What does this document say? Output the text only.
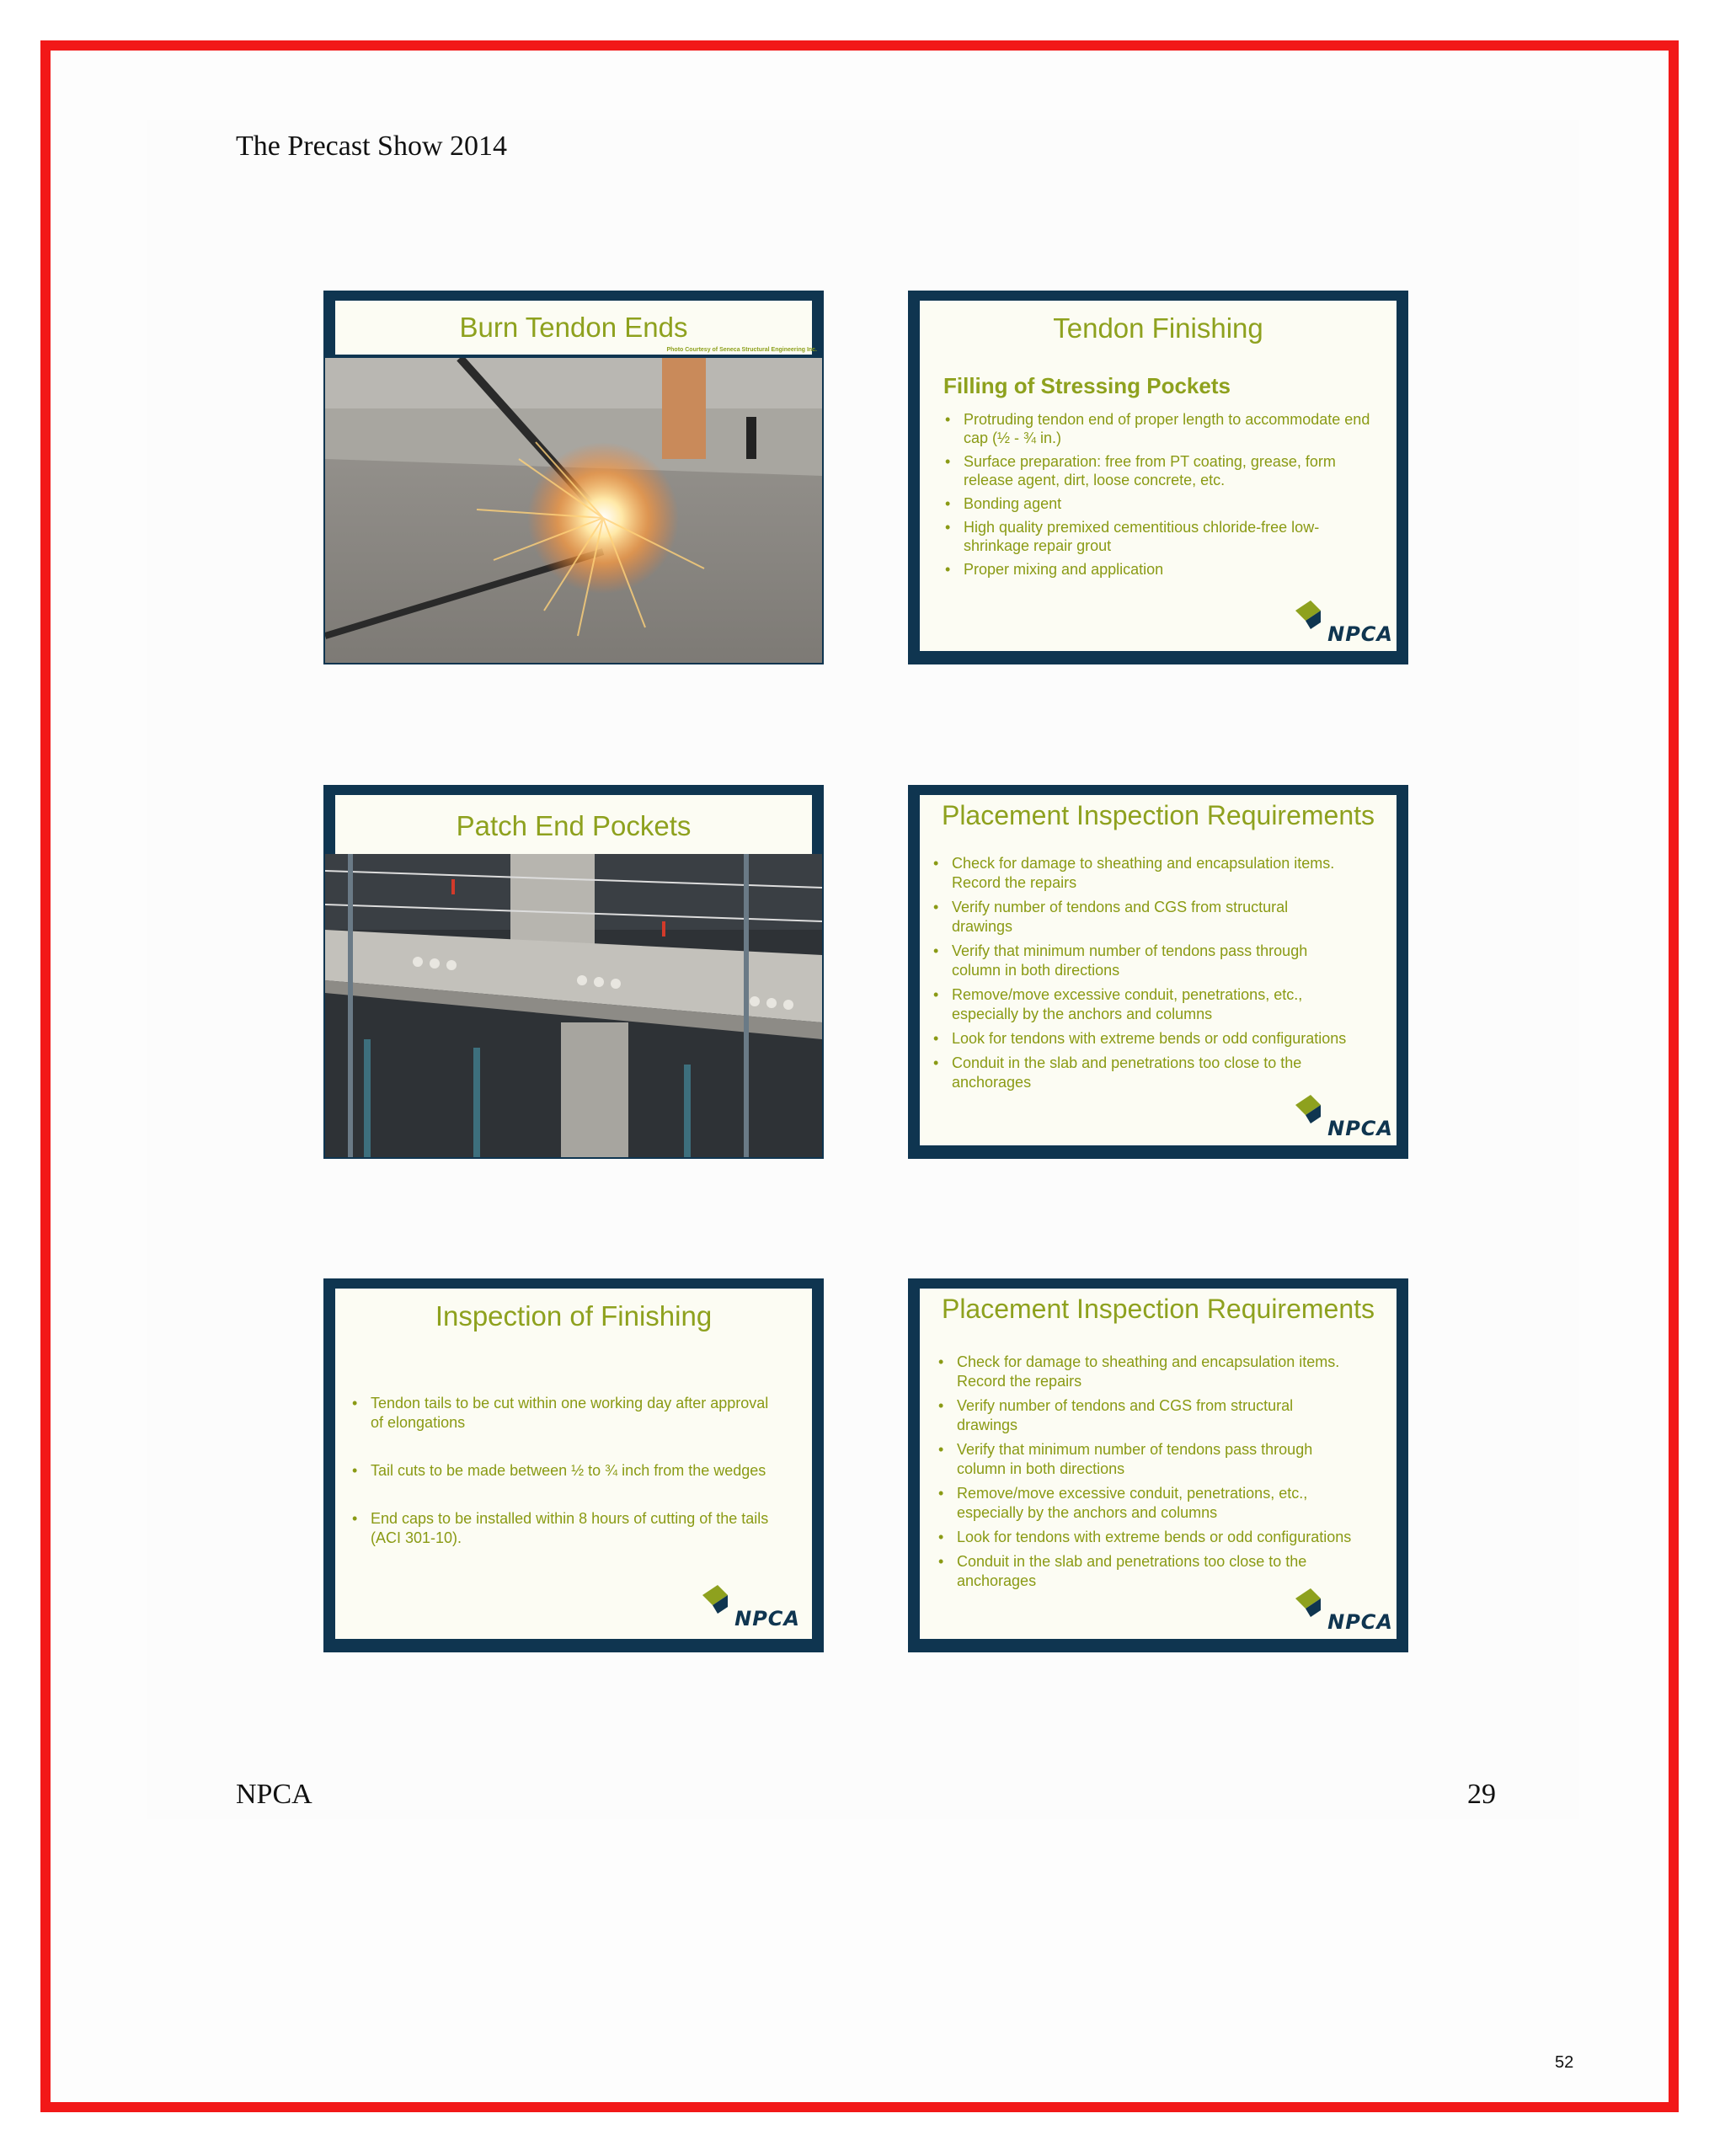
The Precast Show 2014
Burn Tendon Ends
Photo Courtesy of Seneca Structural Engineering Inc.
Tendon Finishing
Filling of Stressing Pockets
• Protruding tendon end of proper length to accommodate end cap (½ - ¾ in.)
• Surface preparation: free from PT coating, grease, form release agent, dirt, loose concrete, etc.
• Bonding agent
• High quality premixed cementitious chloride-free low-shrinkage repair grout
• Proper mixing and application
NPCA
Patch End Pockets	Placement Inspection Requirements
• Check for damage to sheathing and encapsulation items. Record the repairs
• Verify number of tendons and CGS from structural drawings
• Verify that minimum number of tendons pass through column in both directions
• Remove/move excessive conduit, penetrations, etc., especially by the anchors and columns
• Look for tendons with extreme bends or odd configurations
• Conduit in the slab and penetrations too close to the anchorages
NPCA
Inspection of Finishing
• Tendon tails to be cut within one working day after approval of elongations
• Tail cuts to be made between ½ to ¾ inch from the wedges
• End caps to be installed within 8 hours of cutting of the tails (ACI 301-10).
NPCA
Placement Inspection Requirements
• Check for damage to sheathing and encapsulation items. Record the repairs
• Verify number of tendons and CGS from structural drawings
• Verify that minimum number of tendons pass through column in both directions
• Remove/move excessive conduit, penetrations, etc., especially by the anchors and columns
• Look for tendons with extreme bends or odd configurations
• Conduit in the slab and penetrations too close to the anchorages
NPCA
NPCA	29
52
